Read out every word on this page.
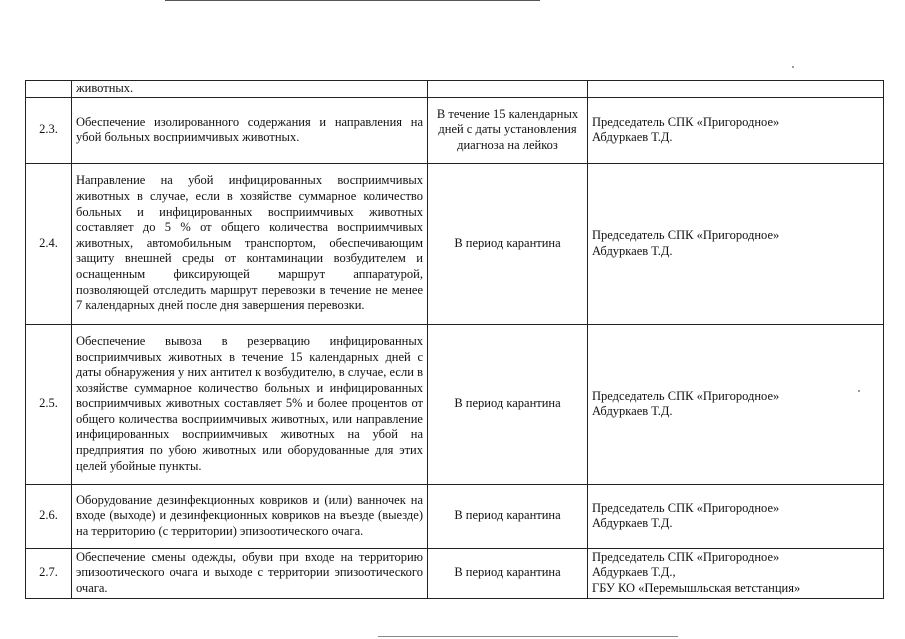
	животных.		
2.3.	Обеспечение изолированного содержания и направления на убой больных восприимчивых животных.	В течение 15 календарных дней с даты установления диагноза на лейкоз	Председатель СПК «Пригородное»
Абдуркаев Т.Д.
2.4.	Направление на убой инфицированных восприимчивых животных в случае, если в хозяйстве суммарное количество больных и инфицированных восприимчивых животных составляет до 5 % от общего количества восприимчивых животных, автомобильным транспортом, обеспечивающим защиту внешней среды от контаминации возбудителем и оснащенным фиксирующей маршрут аппаратурой, позволяющей отследить маршрут перевозки в течение не менее 7 календарных дней после дня завершения перевозки.	В период карантина	Председатель СПК «Пригородное»
Абдуркаев Т.Д.
2.5.	Обеспечение вывоза в резервацию инфицированных восприимчивых животных в течение 15 календарных дней с даты обнаружения у них антител к возбудителю, в случае, если в хозяйстве суммарное количество больных и инфицированных восприимчивых животных составляет 5% и более процентов от общего количества восприимчивых животных, или направление инфицированных восприимчивых животных на убой на предприятия по убою животных или оборудованные для этих целей убойные пункты.	В период карантина	Председатель СПК «Пригородное»
Абдуркаев Т.Д.
2.6.	Оборудование дезинфекционных ковриков и (или) ванночек на входе (выходе) и дезинфекционных ковриков на въезде (выезде) на территорию (с территории) эпизоотического очага.	В период карантина	Председатель СПК «Пригородное»
Абдуркаев Т.Д.
2.7.	Обеспечение смены одежды, обуви при входе на территорию эпизоотического очага и выходе с территории эпизоотического очага.	В период карантина	Председатель СПК «Пригородное»
Абдуркаев Т.Д.,
ГБУ КО «Перемышльская ветстанция»
